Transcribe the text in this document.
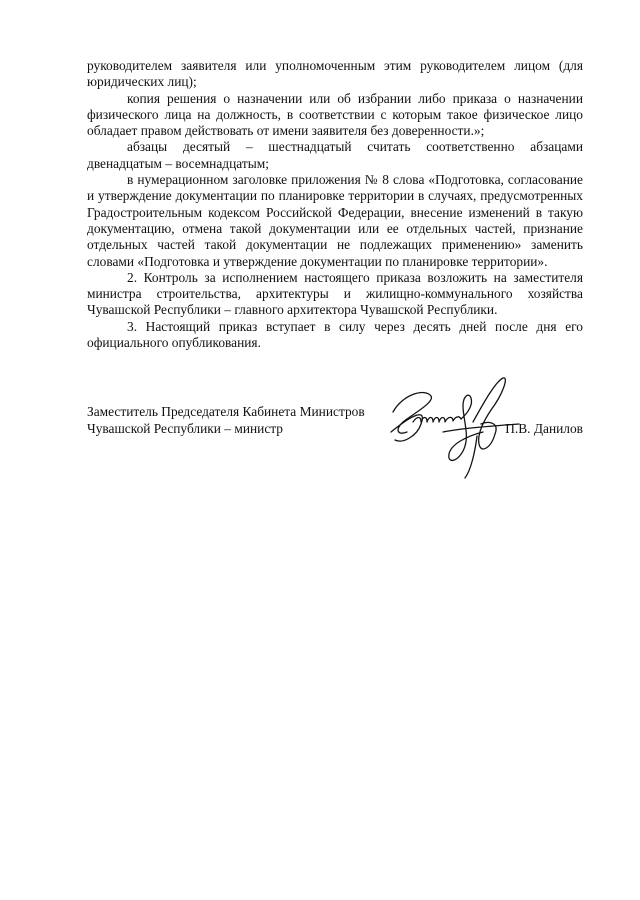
руководителем заявителя или уполномоченным этим руководителем лицом (для юридических лиц);

копия решения о назначении или об избрании либо приказа о назначении физического лица на должность, в соответствии с которым такое физическое лицо обладает правом действовать от имени заявителя без доверенности.»;

абзацы десятый – шестнадцатый считать соответственно абзацами двенадцатым – восемнадцатым;

в нумерационном заголовке приложения № 8 слова «Подготовка, согласование и утверждение документации по планировке территории в случаях, предусмотренных Градостроительным кодексом Российской Федерации, внесение изменений в такую документацию, отмена такой документации или ее отдельных частей, признание отдельных частей такой документации не подлежащих применению» заменить словами «Подготовка и утверждение документации по планировке территории».

2. Контроль за исполнением настоящего приказа возложить на заместителя министра строительства, архитектуры и жилищно-коммунального хозяйства Чувашской Республики – главного архитектора Чувашской Республики.

3. Настоящий приказ вступает в силу через десять дней после дня его официального опубликования.

Заместитель Председателя Кабинета Министров
Чувашской Республики – министр	П.В. Данилов
